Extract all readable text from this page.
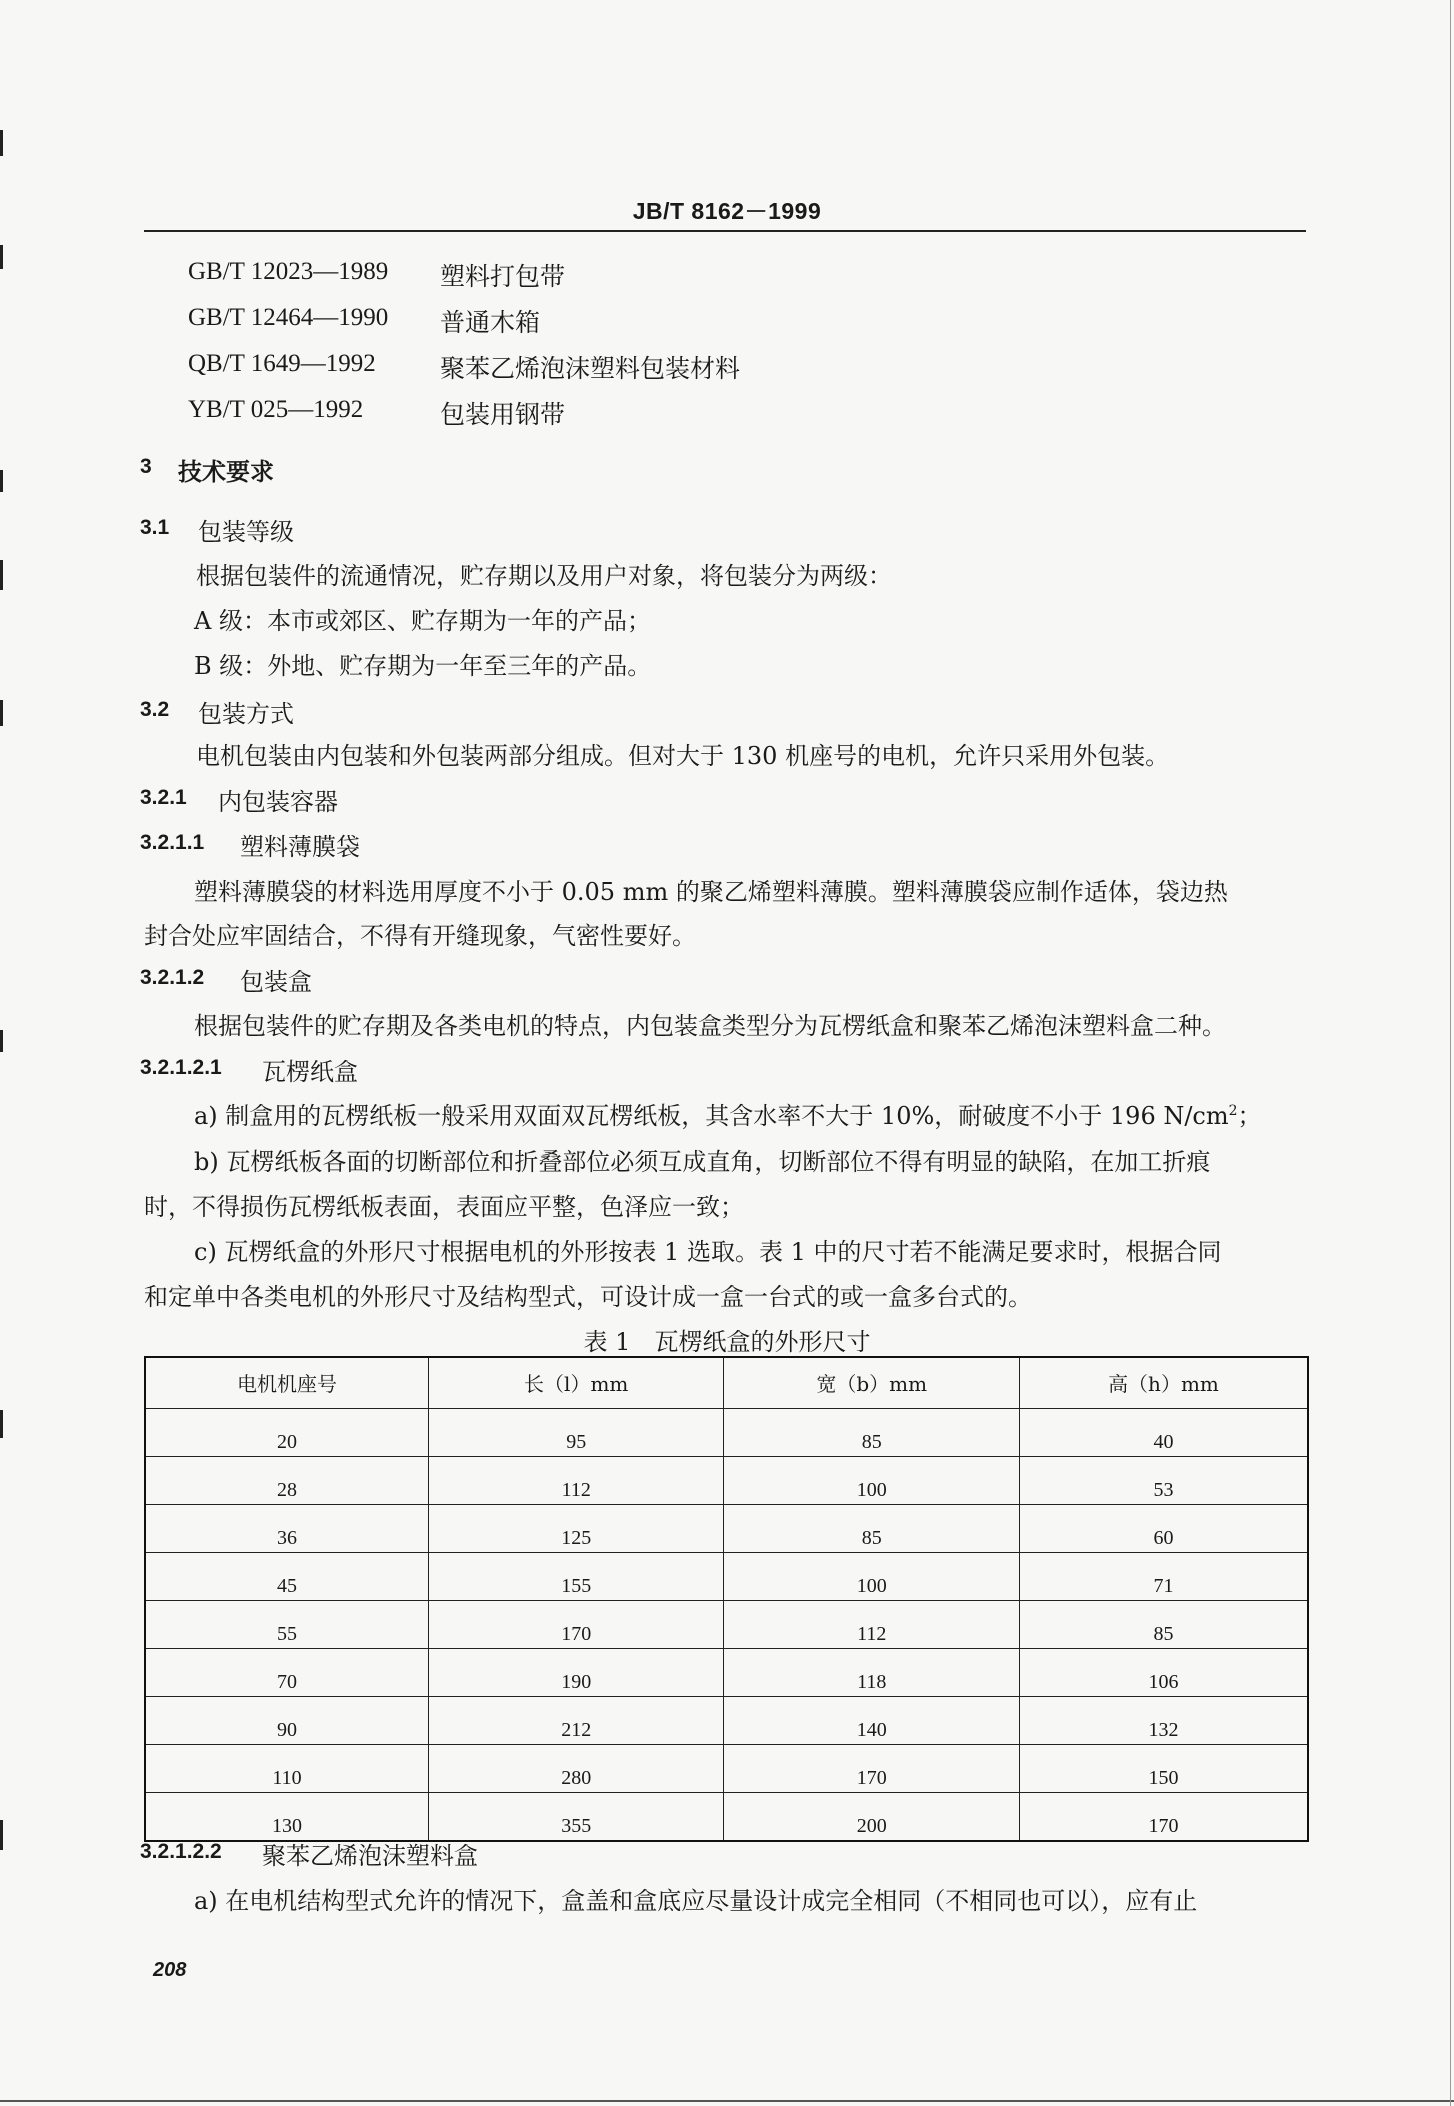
JB/T 8162－1999
GB/T 12023—1989 塑料打包带
GB/T 12464—1990 普通木箱
QB/T 1649—1992	聚苯乙烯泡沫塑料包装材料
YB/T 025—1992	包装用钢带
3 技术要求
3.1 包装等级
根据包装件的流通情况，贮存期以及用户对象，将包装分为两级：
A 级：本市或郊区、贮存期为一年的产品；
B 级：外地、贮存期为一年至三年的产品。
3.2 包装方式
电机包装由内包装和外包装两部分组成。但对大于 130 机座号的电机，允许只采用外包装。
3.2.1 内包装容器
3.2.1.1 塑料薄膜袋
塑料薄膜袋的材料选用厚度不小于 0.05 mm 的聚乙烯塑料薄膜。塑料薄膜袋应制作适体，袋边热
封合处应牢固结合，不得有开缝现象，气密性要好。
3.2.1.2 包装盒
根据包装件的贮存期及各类电机的特点，内包装盒类型分为瓦楞纸盒和聚苯乙烯泡沫塑料盒二种。
3.2.1.2.1 瓦楞纸盒
a) 制盒用的瓦楞纸板一般采用双面双瓦楞纸板，其含水率不大于 10%，耐破度不小于 196 $N/cm^2$；
b) 瓦楞纸板各面的切断部位和折叠部位必须互成直角，切断部位不得有明显的缺陷，在加工折痕
时，不得损伤瓦楞纸板表面，表面应平整，色泽应一致；
c) 瓦楞纸盒的外形尺寸根据电机的外形按表 1 选取。表 1 中的尺寸若不能满足要求时，根据合同
和定单中各类电机的外形尺寸及结构型式，可设计成一盒一台式的或一盒多台式的。
表 1　瓦楞纸盒的外形尺寸
电机机座号	长（l）mm	宽（b）mm	高（h）mm
20	95	85	40
28	112	100	53
36	125	85	60
45	155	100	71
55	170	112	85
70	190	118	106
90	212	140	132
110	280	170	150
130	355	200	170
3.2.1.2.2 聚苯乙烯泡沫塑料盒
a) 在电机结构型式允许的情况下，盒盖和盒底应尽量设计成完全相同（不相同也可以），应有止
208
